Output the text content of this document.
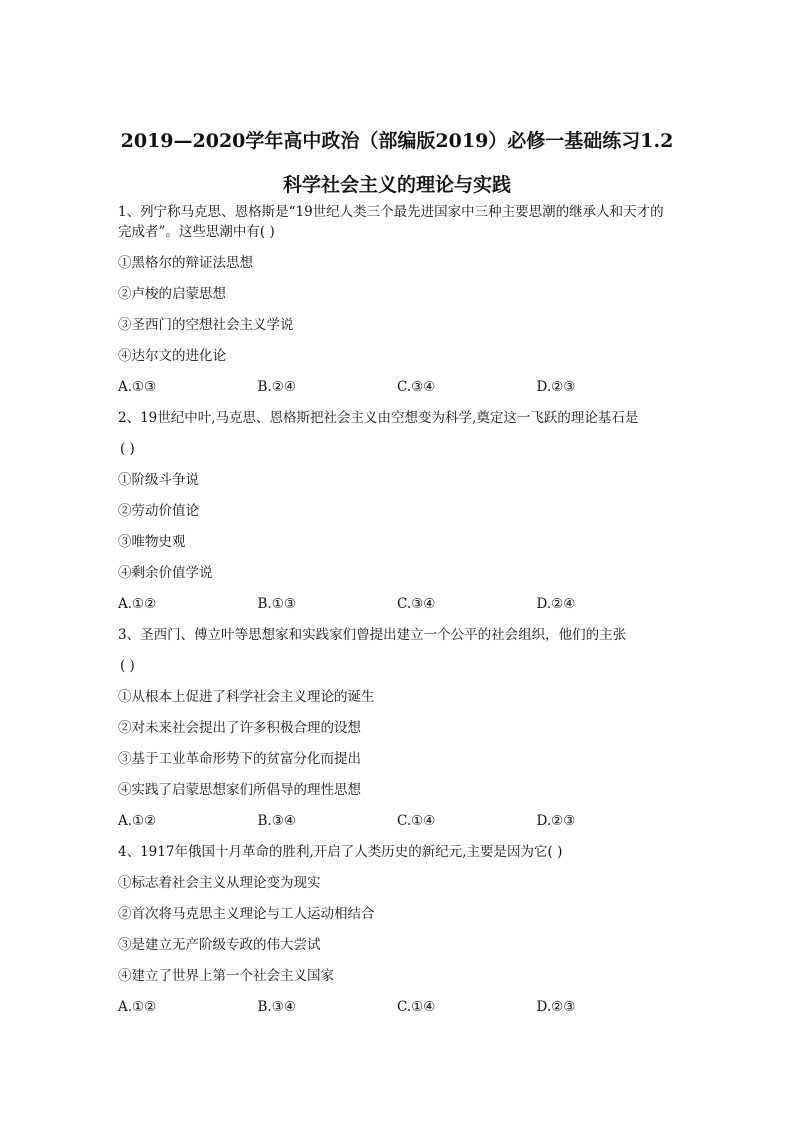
2019—2020学年高中政治（部编版2019）必修一基础练习1.2
科学社会主义的理论与实践

1、列宁称马克思、恩格斯是“19世纪人类三个最先进国家中三种主要思潮的继承人和天才的完成者”。这些思潮中有( )

①黑格尔的辩证法思想
②卢梭的启蒙思想
③圣西门的空想社会主义学说
④达尔文的进化论
A.①③	B.②④	C.③④	D.②③

2、19世纪中叶,马克思、恩格斯把社会主义由空想变为科学,奠定这一飞跃的理论基石是

( )
①阶级斗争说
②劳动价值论
③唯物史观
④剩余价值学说
A.①②	B.①③	C.③④	D.②④

3、圣西门、傅立叶等思想家和实践家们曾提出建立一个公平的社会组织，他们的主张

( )
①从根本上促进了科学社会主义理论的诞生
②对未来社会提出了许多积极合理的设想
③基于工业革命形势下的贫富分化而提出
④实践了启蒙思想家们所倡导的理性思想
A.①②	B.③④	C.①④	D.②③

4、1917年俄国十月革命的胜利,开启了人类历史的新纪元,主要是因为它( )

①标志着社会主义从理论变为现实
②首次将马克思主义理论与工人运动相结合
③是建立无产阶级专政的伟大尝试
④建立了世界上第一个社会主义国家
A.①②	B.③④	C.①④	D.②③
